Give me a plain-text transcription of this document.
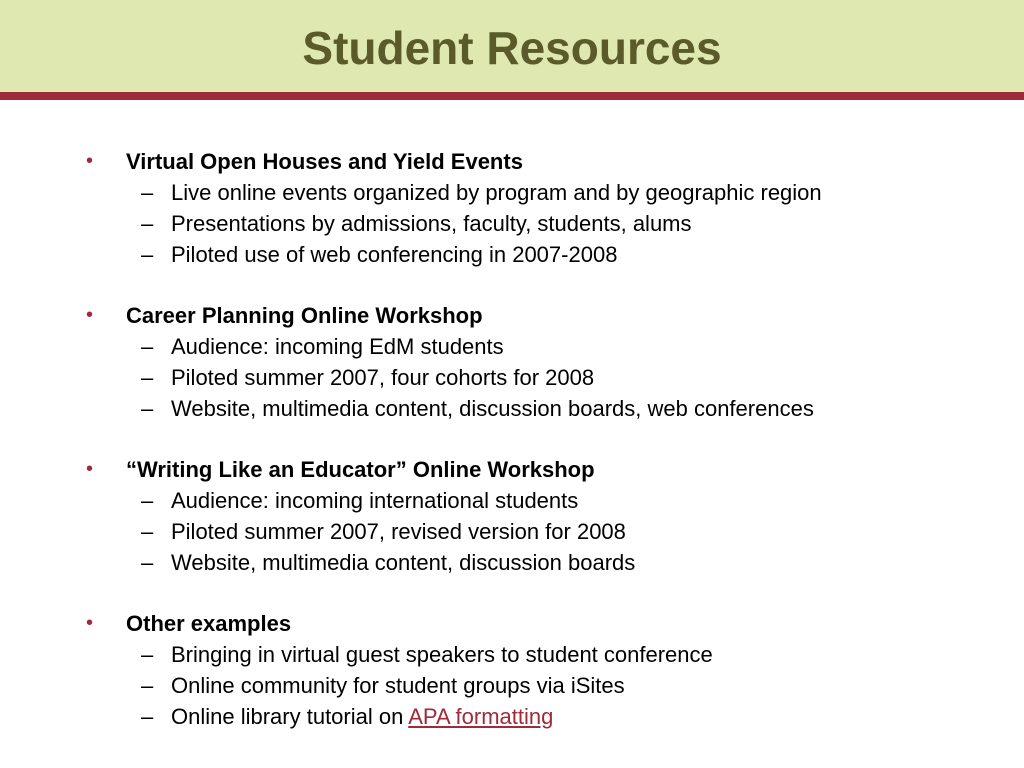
Student Resources
• Virtual Open Houses and Yield Events
– Live online events organized by program and by geographic region
– Presentations by admissions, faculty, students, alums
– Piloted use of web conferencing in 2007-2008
• Career Planning Online Workshop
– Audience: incoming EdM students
– Piloted summer 2007, four cohorts for 2008
– Website, multimedia content, discussion boards, web conferences
• “Writing Like an Educator” Online Workshop
– Audience: incoming international students
– Piloted summer 2007, revised version for 2008
– Website, multimedia content, discussion boards
• Other examples
– Bringing in virtual guest speakers to student conference
– Online community for student groups via iSites
– Online library tutorial on APA formatting
